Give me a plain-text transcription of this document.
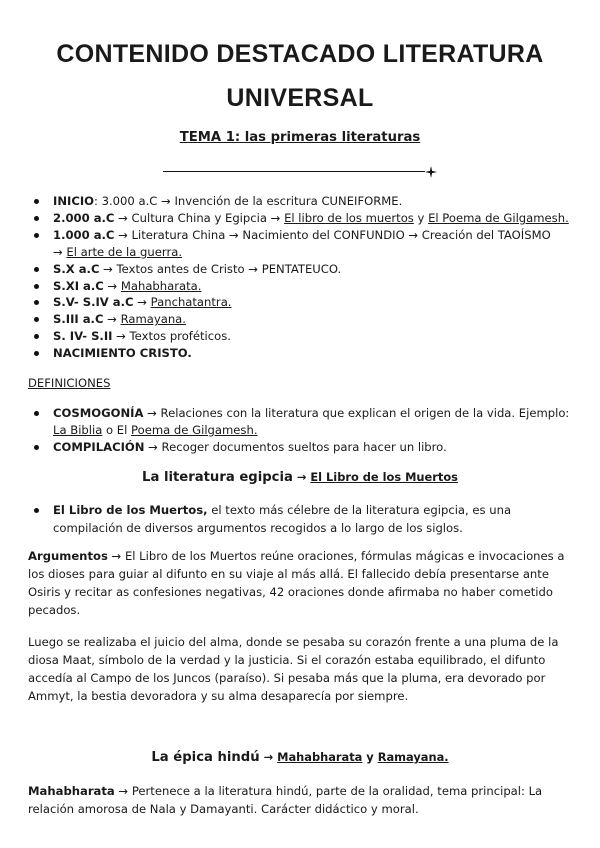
CONTENIDO DESTACADO LITERATURA
UNIVERSAL
TEMA 1: las primeras literaturas
INICIO: 3.000 a.C → Invención de la escritura CUNEIFORME.
2.000 a.C → Cultura China y Egipcia → El libro de los muertos y El Poema de Gilgamesh.
1.000 a.C → Literatura China → Nacimiento del CONFUNDIO → Creación del TAOÍSMO
→ El arte de la guerra.
S.X a.C → Textos antes de Cristo → PENTATEUCO.
S.XI a.C → Mahabharata.
S.V- S.IV a.C → Panchatantra.
S.III a.C → Ramayana.
S. IV- S.II → Textos proféticos.
NACIMIENTO CRISTO.
DEFINICIONES
COSMOGONÍA → Relaciones con la literatura que explican el origen de la vida. Ejemplo:
La Biblia o El Poema de Gilgamesh.
COMPILACIÓN → Recoger documentos sueltos para hacer un libro.
La literatura egipcia → El Libro de los Muertos
El Libro de los Muertos, el texto más célebre de la literatura egipcia, es una compilación de diversos argumentos recogidos a lo largo de los siglos.

Argumentos → El Libro de los Muertos reúne oraciones, fórmulas mágicas e invocaciones a los dioses para guiar al difunto en su viaje al más allá. El fallecido debía presentarse ante Osiris y recitar as confesiones negativas, 42 oraciones donde afirmaba no haber cometido pecados.

Luego se realizaba el juicio del alma, donde se pesaba su corazón frente a una pluma de la diosa Maat, símbolo de la verdad y la justicia. Si el corazón estaba equilibrado, el difunto accedía al Campo de los Juncos (paraíso). Si pesaba más que la pluma, era devorado por Ammyt, la bestia devoradora y su alma desaparecía por siempre.

La épica hindú → Mahabharata y Ramayana.

Mahabharata → Pertenece a la literatura hindú, parte de la oralidad, tema principal: La relación amorosa de Nala y Damayanti. Carácter didáctico y moral.
